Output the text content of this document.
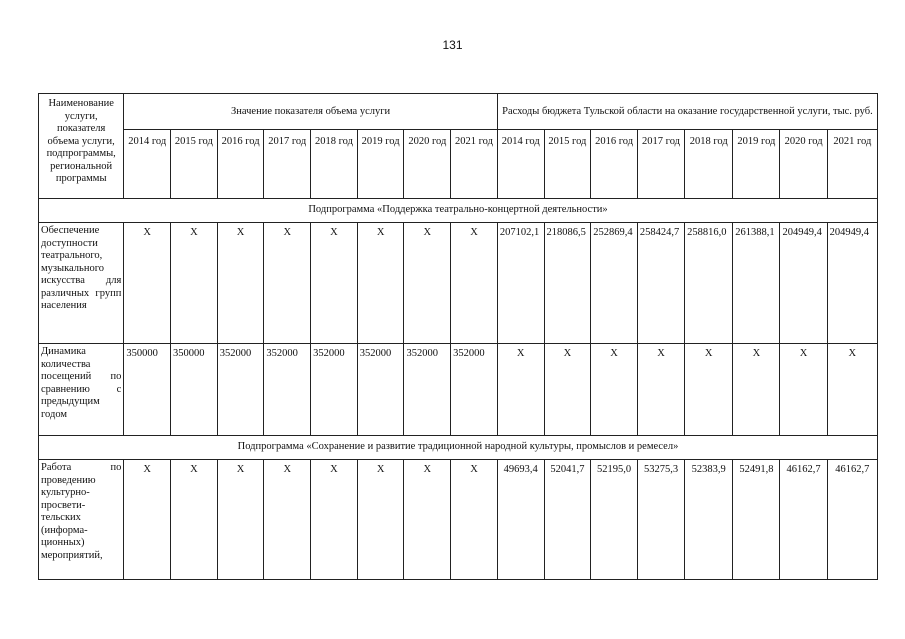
131
Наименование услуги, показателя объема услуги, подпрограммы, региональной программы	Значение показателя объема услуги								Расходы бюджета Тульской области на оказание государственной услуги, тыс. руб.							
	2014 год	2015 год	2016 год	2017 год	2018 год	2019 год	2020 год	2021 год	2014 год	2015 год	2016 год	2017 год	2018 год	2019 год	2020 год	2021 год
Подпрограмма «Поддержка театрально-концертной деятельности»																
Обеспечение доступности театрального, музыкального искусства для различных групп населения	X	X	X	X	X	X	X	X	207102,1	218086,5	252869,4	258424,7	258816,0	261388,1	204949,4	204949,4
Динамика количества посещений по сравнению с предыдущим годом	350000	350000	352000	352000	352000	352000	352000	352000	X	X	X	X	X	X	X	X
Подпрограмма «Сохранение и развитие традиционной народной культуры, промыслов и ремесел»																
Работа по проведению культурно-просвети-тельских (информа-ционных) мероприятий,	X	X	X	X	X	X	X	X	49693,4	52041,7	52195,0	53275,3	52383,9	52491,8	46162,7	46162,7
